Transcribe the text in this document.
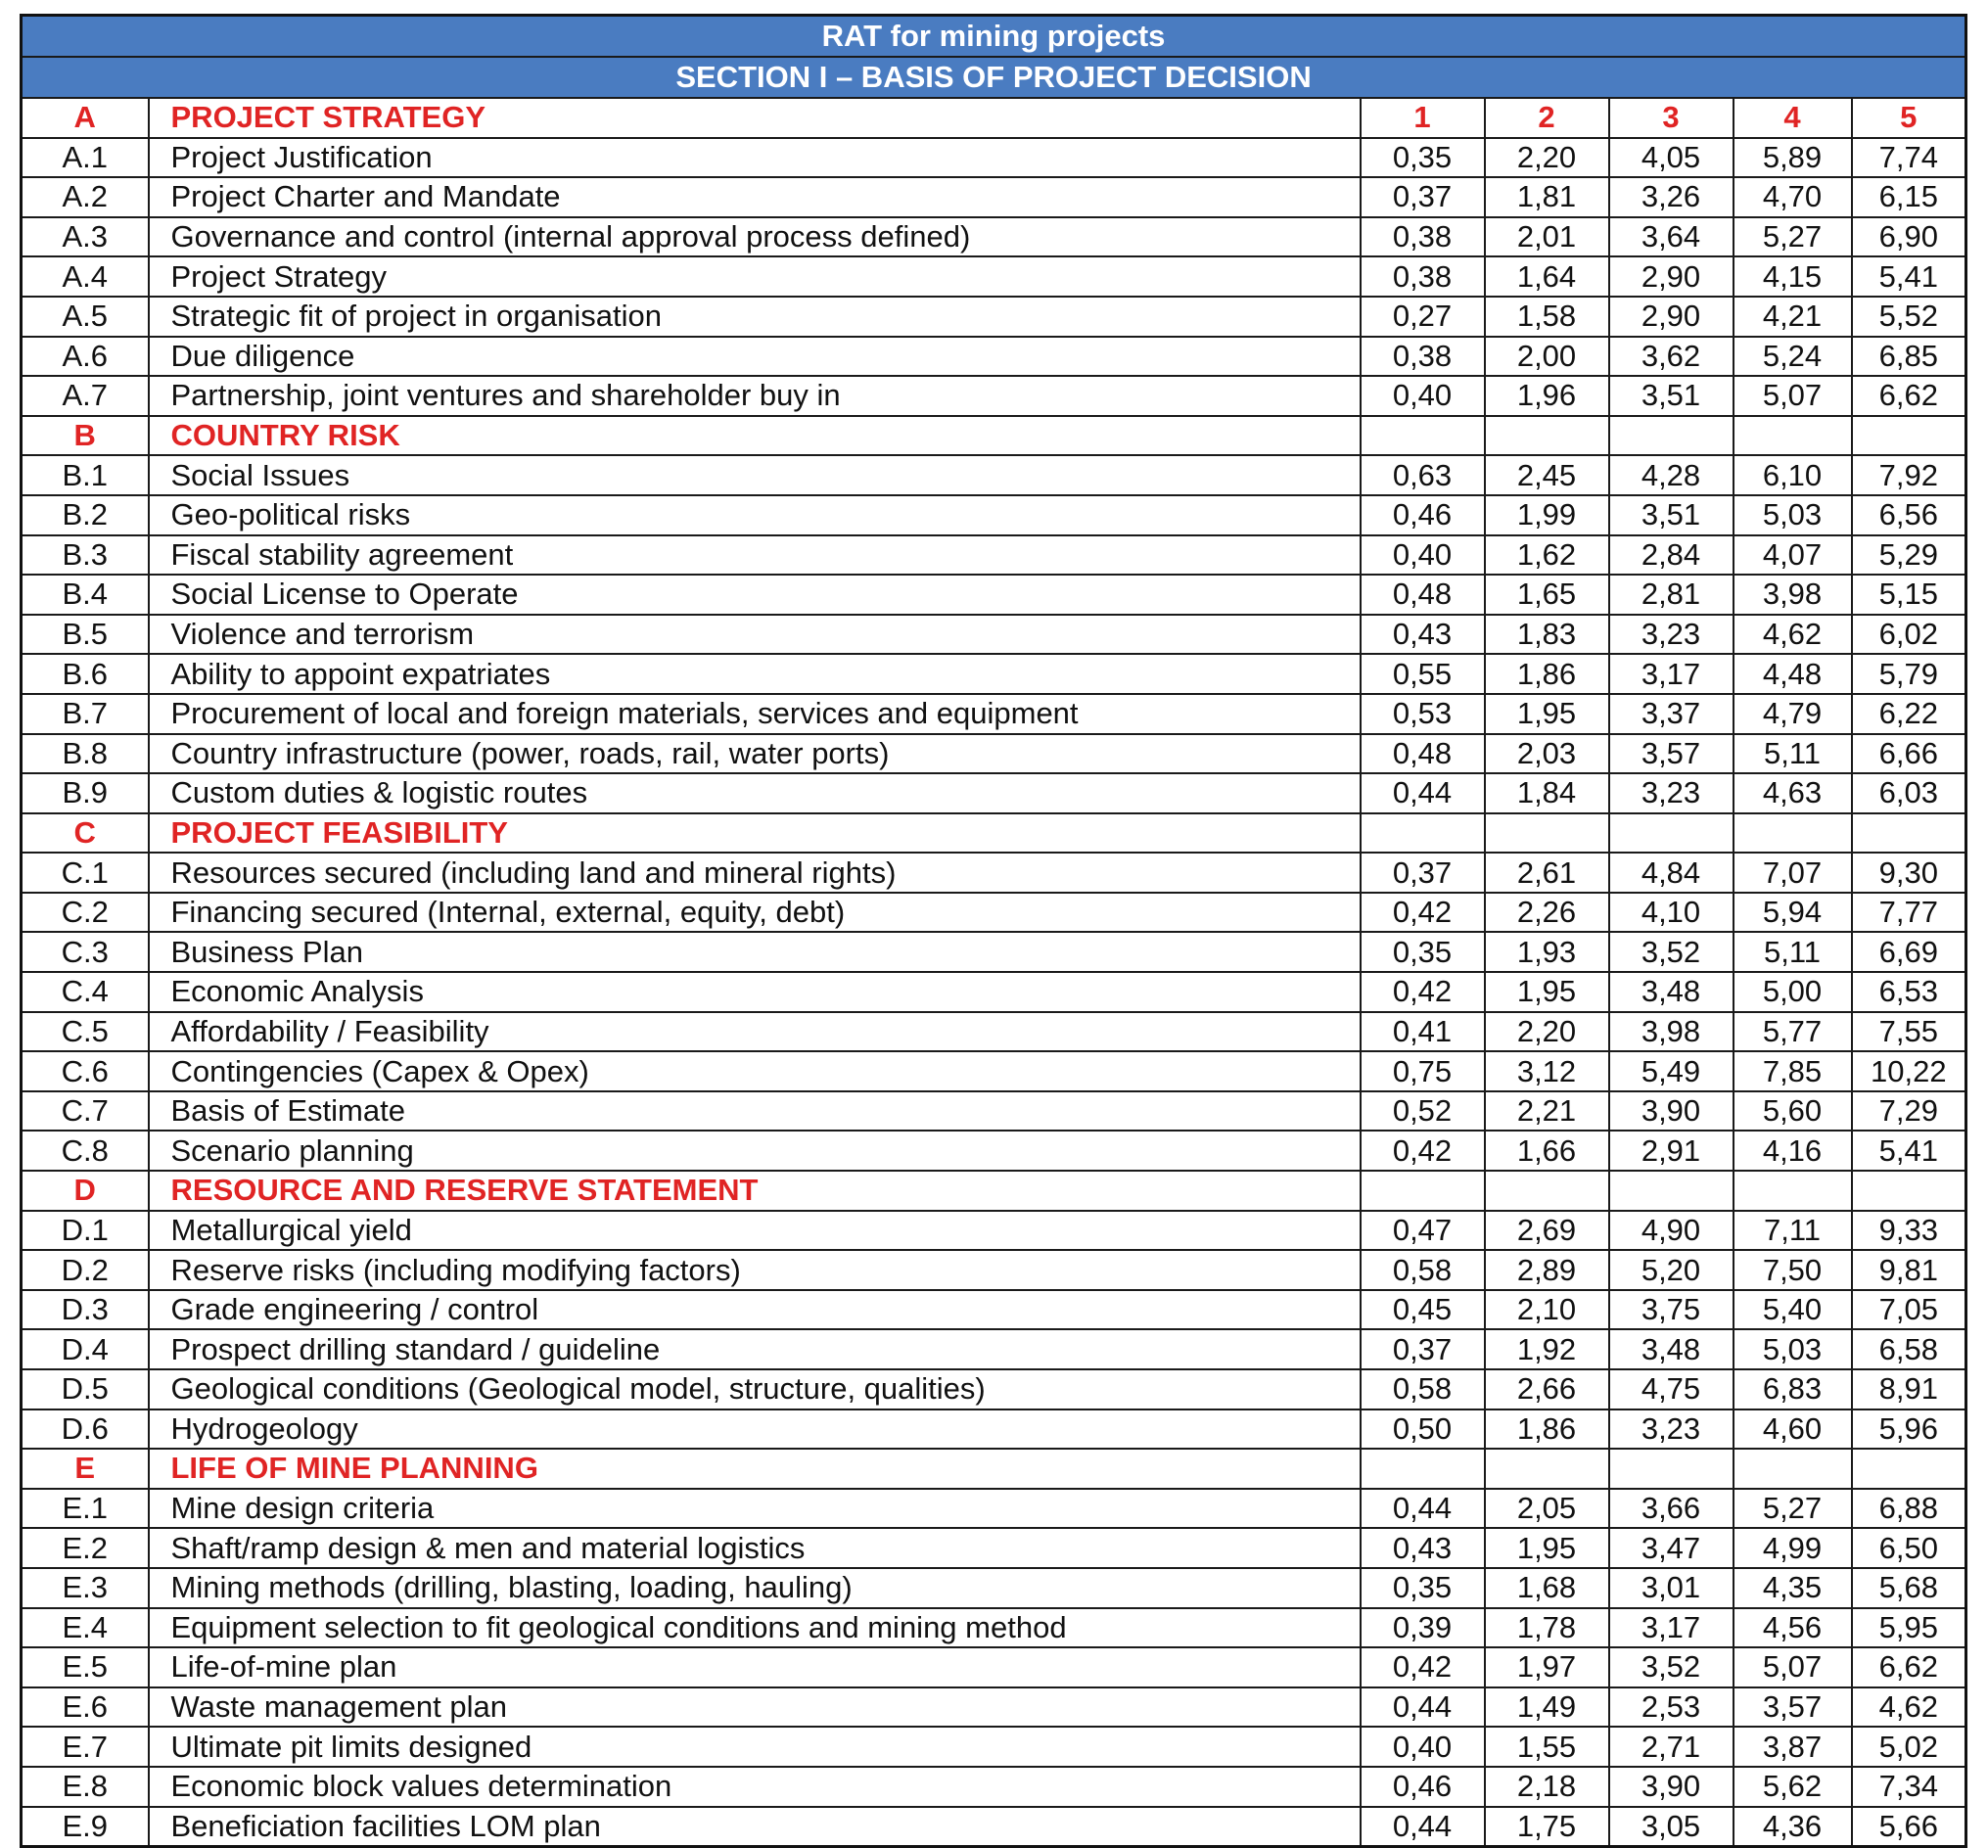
RAT for mining projects						
SECTION I – BASIS OF PROJECT DECISION						
A	PROJECT STRATEGY	1	2	3	4	5
A.1	Project Justification	0,35	2,20	4,05	5,89	7,74
A.2	Project Charter and Mandate	0,37	1,81	3,26	4,70	6,15
A.3	Governance and control (internal approval process defined)	0,38	2,01	3,64	5,27	6,90
A.4	Project Strategy	0,38	1,64	2,90	4,15	5,41
A.5	Strategic fit of project in organisation	0,27	1,58	2,90	4,21	5,52
A.6	Due diligence	0,38	2,00	3,62	5,24	6,85
A.7	Partnership, joint ventures and shareholder buy in	0,40	1,96	3,51	5,07	6,62
B	COUNTRY RISK					
B.1	Social Issues	0,63	2,45	4,28	6,10	7,92
B.2	Geo-political risks	0,46	1,99	3,51	5,03	6,56
B.3	Fiscal stability agreement	0,40	1,62	2,84	4,07	5,29
B.4	Social License to Operate	0,48	1,65	2,81	3,98	5,15
B.5	Violence and terrorism	0,43	1,83	3,23	4,62	6,02
B.6	Ability to appoint expatriates	0,55	1,86	3,17	4,48	5,79
B.7	Procurement of local and foreign materials, services and equipment	0,53	1,95	3,37	4,79	6,22
B.8	Country infrastructure (power, roads, rail, water ports)	0,48	2,03	3,57	5,11	6,66
B.9	Custom duties & logistic routes	0,44	1,84	3,23	4,63	6,03
C	PROJECT FEASIBILITY					
C.1	Resources secured (including land and mineral rights)	0,37	2,61	4,84	7,07	9,30
C.2	Financing secured (Internal, external, equity, debt)	0,42	2,26	4,10	5,94	7,77
C.3	Business Plan	0,35	1,93	3,52	5,11	6,69
C.4	Economic Analysis	0,42	1,95	3,48	5,00	6,53
C.5	Affordability / Feasibility	0,41	2,20	3,98	5,77	7,55
C.6	Contingencies (Capex & Opex)	0,75	3,12	5,49	7,85	10,22
C.7	Basis of Estimate	0,52	2,21	3,90	5,60	7,29
C.8	Scenario planning	0,42	1,66	2,91	4,16	5,41
D	RESOURCE AND RESERVE STATEMENT					
D.1	Metallurgical yield	0,47	2,69	4,90	7,11	9,33
D.2	Reserve risks (including modifying factors)	0,58	2,89	5,20	7,50	9,81
D.3	Grade engineering / control	0,45	2,10	3,75	5,40	7,05
D.4	Prospect drilling standard / guideline	0,37	1,92	3,48	5,03	6,58
D.5	Geological conditions (Geological model, structure, qualities)	0,58	2,66	4,75	6,83	8,91
D.6	Hydrogeology	0,50	1,86	3,23	4,60	5,96
E	LIFE OF MINE PLANNING					
E.1	Mine design criteria	0,44	2,05	3,66	5,27	6,88
E.2	Shaft/ramp design & men and material logistics	0,43	1,95	3,47	4,99	6,50
E.3	Mining methods (drilling, blasting, loading, hauling)	0,35	1,68	3,01	4,35	5,68
E.4	Equipment selection to fit geological conditions and mining method	0,39	1,78	3,17	4,56	5,95
E.5	Life-of-mine plan	0,42	1,97	3,52	5,07	6,62
E.6	Waste management plan	0,44	1,49	2,53	3,57	4,62
E.7	Ultimate pit limits designed	0,40	1,55	2,71	3,87	5,02
E.8	Economic block values determination	0,46	2,18	3,90	5,62	7,34
E.9	Beneficiation facilities LOM plan	0,44	1,75	3,05	4,36	5,66
